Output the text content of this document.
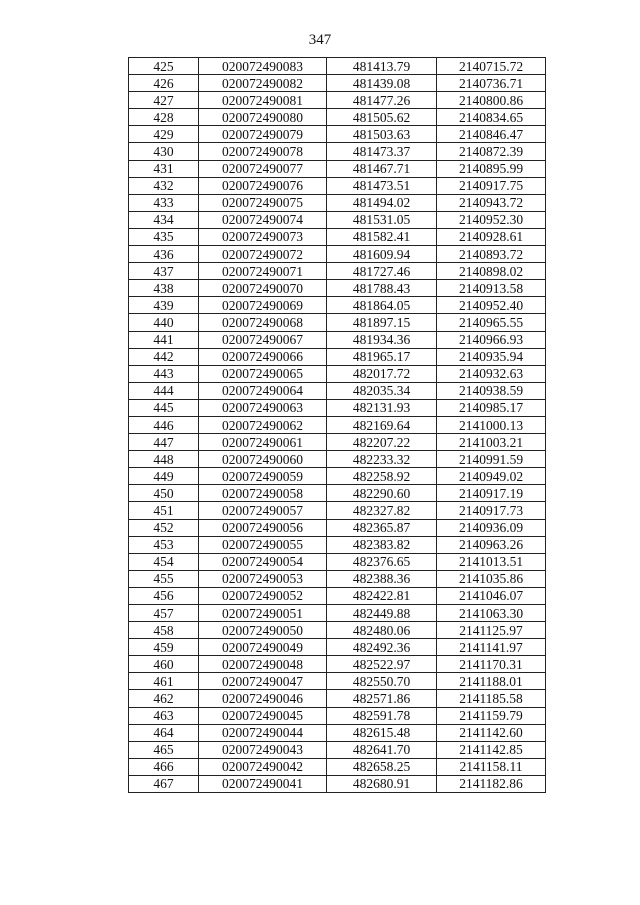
347
425	020072490083	481413.79	2140715.72
426	020072490082	481439.08	2140736.71
427	020072490081	481477.26	2140800.86
428	020072490080	481505.62	2140834.65
429	020072490079	481503.63	2140846.47
430	020072490078	481473.37	2140872.39
431	020072490077	481467.71	2140895.99
432	020072490076	481473.51	2140917.75
433	020072490075	481494.02	2140943.72
434	020072490074	481531.05	2140952.30
435	020072490073	481582.41	2140928.61
436	020072490072	481609.94	2140893.72
437	020072490071	481727.46	2140898.02
438	020072490070	481788.43	2140913.58
439	020072490069	481864.05	2140952.40
440	020072490068	481897.15	2140965.55
441	020072490067	481934.36	2140966.93
442	020072490066	481965.17	2140935.94
443	020072490065	482017.72	2140932.63
444	020072490064	482035.34	2140938.59
445	020072490063	482131.93	2140985.17
446	020072490062	482169.64	2141000.13
447	020072490061	482207.22	2141003.21
448	020072490060	482233.32	2140991.59
449	020072490059	482258.92	2140949.02
450	020072490058	482290.60	2140917.19
451	020072490057	482327.82	2140917.73
452	020072490056	482365.87	2140936.09
453	020072490055	482383.82	2140963.26
454	020072490054	482376.65	2141013.51
455	020072490053	482388.36	2141035.86
456	020072490052	482422.81	2141046.07
457	020072490051	482449.88	2141063.30
458	020072490050	482480.06	2141125.97
459	020072490049	482492.36	2141141.97
460	020072490048	482522.97	2141170.31
461	020072490047	482550.70	2141188.01
462	020072490046	482571.86	2141185.58
463	020072490045	482591.78	2141159.79
464	020072490044	482615.48	2141142.60
465	020072490043	482641.70	2141142.85
466	020072490042	482658.25	2141158.11
467	020072490041	482680.91	2141182.86
